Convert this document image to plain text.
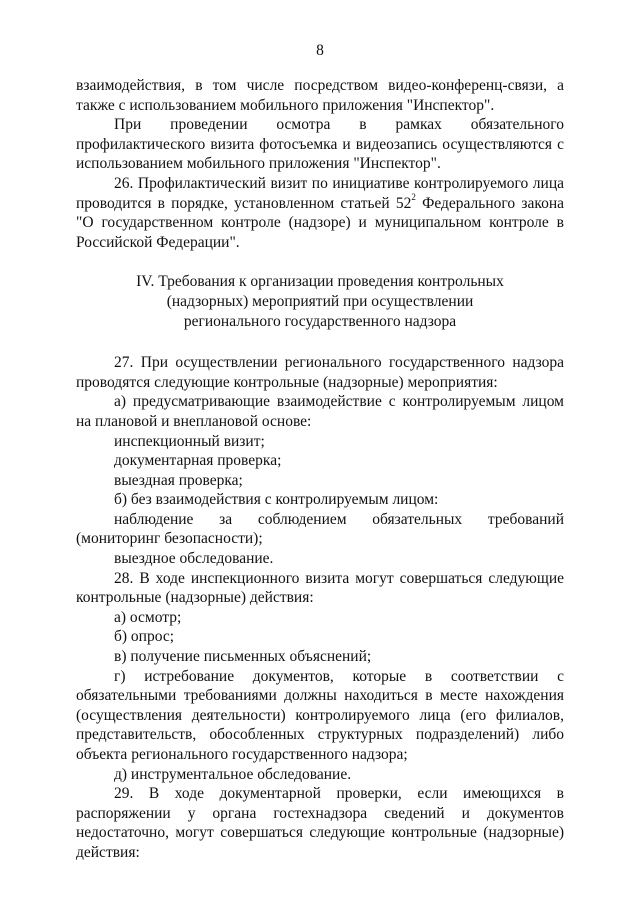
8

взаимодействия, в том числе посредством видео-конференц-связи, а также с использованием мобильного приложения "Инспектор".

При проведении осмотра в рамках обязательного профилактического визита фотосъемка и видеозапись осуществляются с использованием мобильного приложения "Инспектор".

26. Профилактический визит по инициативе контролируемого лица проводится в порядке, установленном статьей $52^2$ Федерального закона "О государственном контроле (надзоре) и муниципальном контроле в Российской Федерации".

IV. Требования к организации проведения контрольных
(надзорных) мероприятий при осуществлении
регионального государственного надзора

27. При осуществлении регионального государственного надзора проводятся следующие контрольные (надзорные) мероприятия:

а) предусматривающие взаимодействие с контролируемым лицом на плановой и внеплановой основе:

инспекционный визит;

документарная проверка;

выездная проверка;

б) без взаимодействия с контролируемым лицом:

наблюдение за соблюдением обязательных требований (мониторинг безопасности);

выездное обследование.

28. В ходе инспекционного визита могут совершаться следующие контрольные (надзорные) действия:

а) осмотр;

б) опрос;

в) получение письменных объяснений;

г) истребование документов, которые в соответствии с обязательными требованиями должны находиться в месте нахождения (осуществления деятельности) контролируемого лица (его филиалов, представительств, обособленных структурных подразделений) либо объекта регионального государственного надзора;

д) инструментальное обследование.

29. В ходе документарной проверки, если имеющихся в распоряжении у органа гостехнадзора сведений и документов недостаточно, могут совершаться следующие контрольные (надзорные) действия:
